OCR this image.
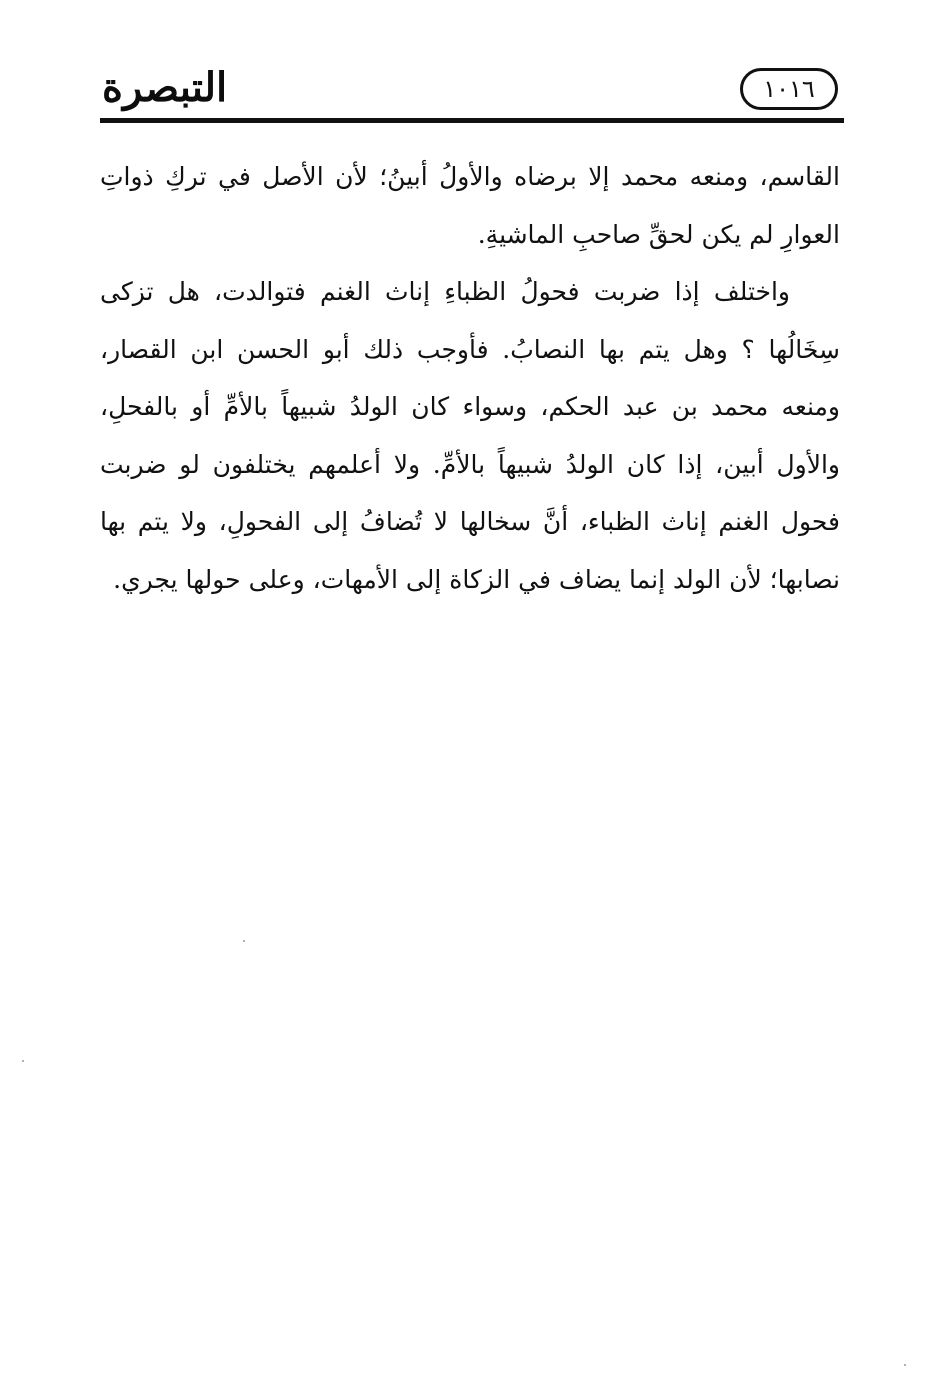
التبصرة	١٠١٦

القاسم، ومنعه محمد إلا برضاه والأولُ أبينُ؛ لأن الأصل في تركِ ذواتِ العوارِ لم يكن لحقِّ صاحبِ الماشيةِ.

واختلف إذا ضربت فحولُ الظباءِ إناث الغنم فتوالدت، هل تزكى سِخَالُها ؟ وهل يتم بها النصابُ. فأوجب ذلك أبو الحسن ابن القصار، ومنعه محمد بن عبد الحكم، وسواء كان الولدُ شبيهاً بالأمِّ أو بالفحلِ، والأول أبين، إذا كان الولدُ شبيهاً بالأمِّ. ولا أعلمهم يختلفون لو ضربت فحول الغنم إناث الظباء، أنَّ سخالها لا تُضافُ إلى الفحولِ، ولا يتم بها نصابها؛ لأن الولد إنما يضاف في الزكاة إلى الأمهات، وعلى حولها يجري.
